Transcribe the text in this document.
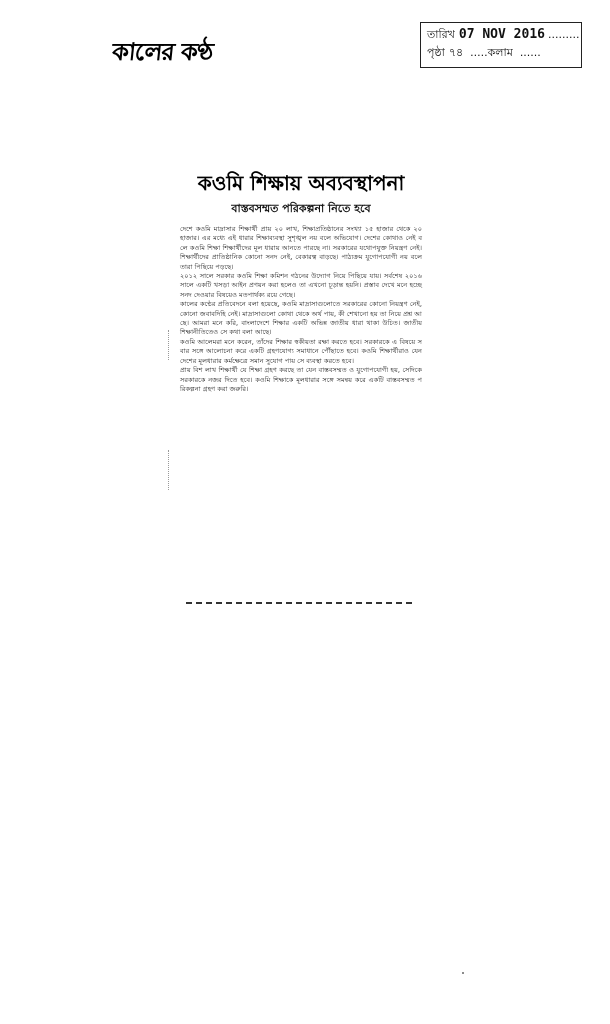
কালের কণ্ঠ
তারিখ 07 NOV 2016 .........
পৃষ্ঠা ৭৪ ..... কলাম ......
কওমি শিক্ষায় অব্যবস্থাপনা
বাস্তবসম্মত পরিকল্পনা নিতে হবে

দেশে কওমি মাদ্রাসার শিক্ষার্থী প্রায় ২০ লাখ, শিক্ষাপ্রতিষ্ঠানের সংখ্যা ১৫ হাজার থেকে ২০ হাজার। এর মধ্যে এই ধারার শিক্ষাব্যবস্থা সুশৃঙ্খল নয় বলে অভিযোগ। দেশের কোথাও নেই বলে কওমি শিক্ষা শিক্ষার্থীদের মূল ধারায় আনতে পারছে না। সরকারের যথোপযুক্ত নিয়ন্ত্রণ নেই। শিক্ষার্থীদের প্রাতিষ্ঠানিক কোনো সনদ নেই, বেকারত্ব বাড়ছে। পাঠ্যক্রম যুগোপযোগী নয় বলে তারা পিছিয়ে পড়ছে।

২০১২ সালে সরকার কওমি শিক্ষা কমিশন গঠনের উদ্যোগ নিয়ে পিছিয়ে যায়। সর্বশেষ ২০১৬ সালে একটি খসড়া আইন প্রণয়ন করা হলেও তা এখনো চূড়ান্ত হয়নি। প্রস্তাব দেখে মনে হচ্ছে সনদ দেওয়ার বিষয়েও মতপার্থক্য রয়ে গেছে।

কালের কণ্ঠের প্রতিবেদনে বলা হয়েছে, কওমি মাদ্রাসাগুলোতে সরকারের কোনো নিয়ন্ত্রণ নেই, কোনো জবাবদিহি নেই। মাদ্রাসাগুলো কোথা থেকে অর্থ পায়, কী শেখানো হয় তা নিয়ে প্রশ্ন আছে। আমরা মনে করি, বাংলাদেশে শিক্ষার একটি অভিন্ন জাতীয় ধারা থাকা উচিত। জাতীয় শিক্ষানীতিতেও সে কথা বলা আছে।

কওমি আলেমরা মনে করেন, তাঁদের শিক্ষার স্বকীয়তা রক্ষা করতে হবে। সরকারকে এ বিষয়ে সবার সঙ্গে আলোচনা করে একটি গ্রহণযোগ্য সমাধানে পৌঁছাতে হবে। কওমি শিক্ষার্থীরাও যেন দেশের মূলধারার কর্মক্ষেত্রে সমান সুযোগ পায় সে ব্যবস্থা করতে হবে।

প্রায় বিশ লাখ শিক্ষার্থী যে শিক্ষা গ্রহণ করছে তা যেন বাস্তবসম্মত ও যুগোপযোগী হয়, সেদিকে সরকারকে নজর দিতে হবে। কওমি শিক্ষাকে মূলধারার সঙ্গে সমন্বয় করে একটি বাস্তবসম্মত পরিকল্পনা গ্রহণ করা জরুরি।
